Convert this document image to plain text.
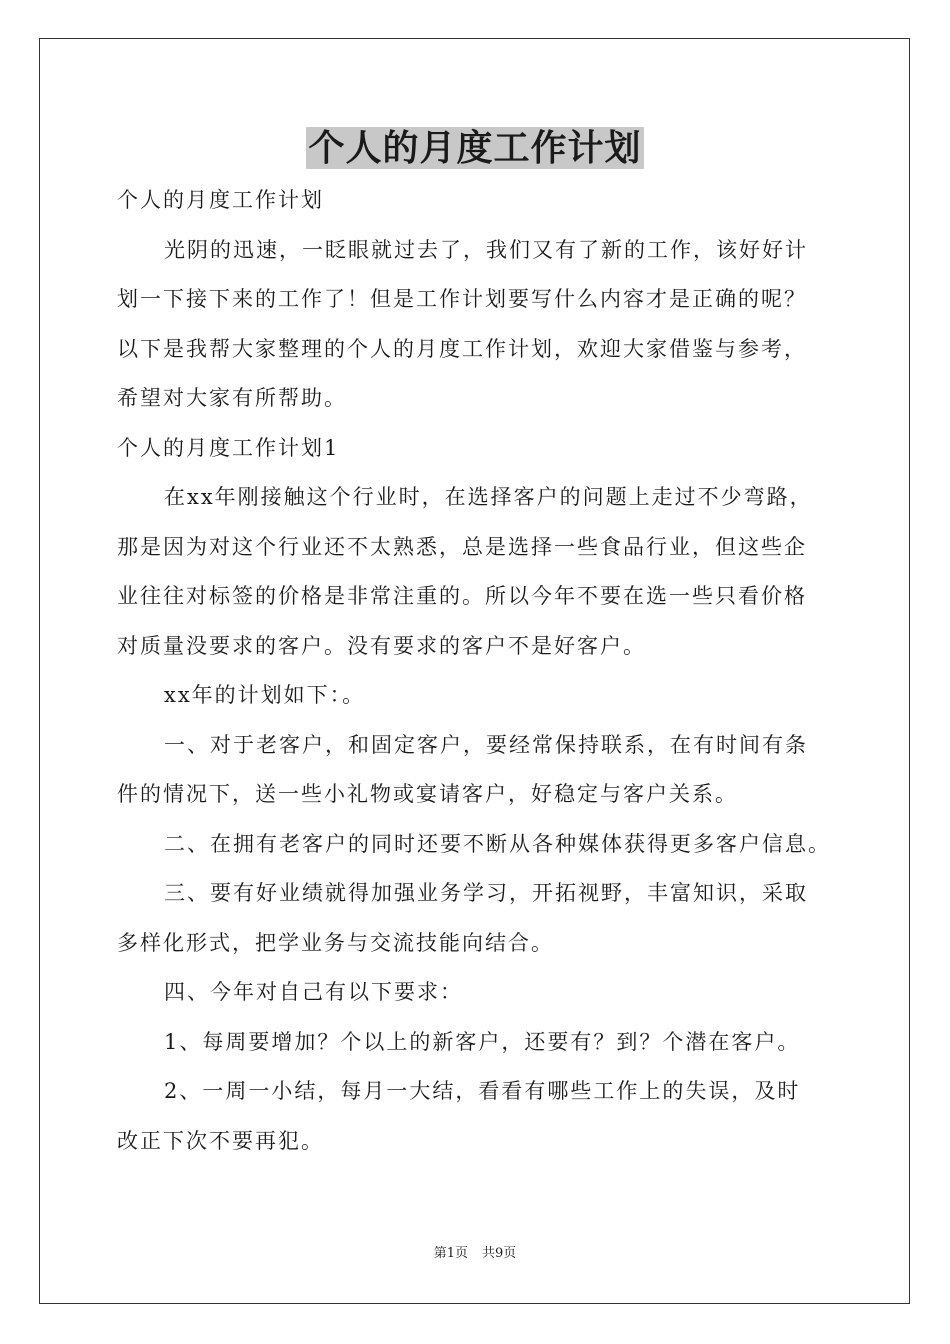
个人的月度工作计划
个人的月度工作计划
光阴的迅速，一眨眼就过去了，我们又有了新的工作，该好好计
划一下接下来的工作了！但是工作计划要写什么内容才是正确的呢？
以下是我帮大家整理的个人的月度工作计划，欢迎大家借鉴与参考，
希望对大家有所帮助。
个人的月度工作计划1
在xx年刚接触这个行业时，在选择客户的问题上走过不少弯路，
那是因为对这个行业还不太熟悉，总是选择一些食品行业，但这些企
业往往对标签的价格是非常注重的。所以今年不要在选一些只看价格
对质量没要求的客户。没有要求的客户不是好客户。
xx年的计划如下：。
一、对于老客户，和固定客户，要经常保持联系，在有时间有条
件的情况下，送一些小礼物或宴请客户，好稳定与客户关系。
二、在拥有老客户的同时还要不断从各种媒体获得更多客户信息。
三、要有好业绩就得加强业务学习，开拓视野，丰富知识，采取
多样化形式，把学业务与交流技能向结合。
四、今年对自己有以下要求：
1、每周要增加？个以上的新客户，还要有？到？个潜在客户。
2、一周一小结，每月一大结，看看有哪些工作上的失误，及时
改正下次不要再犯。
第1页 共9页
